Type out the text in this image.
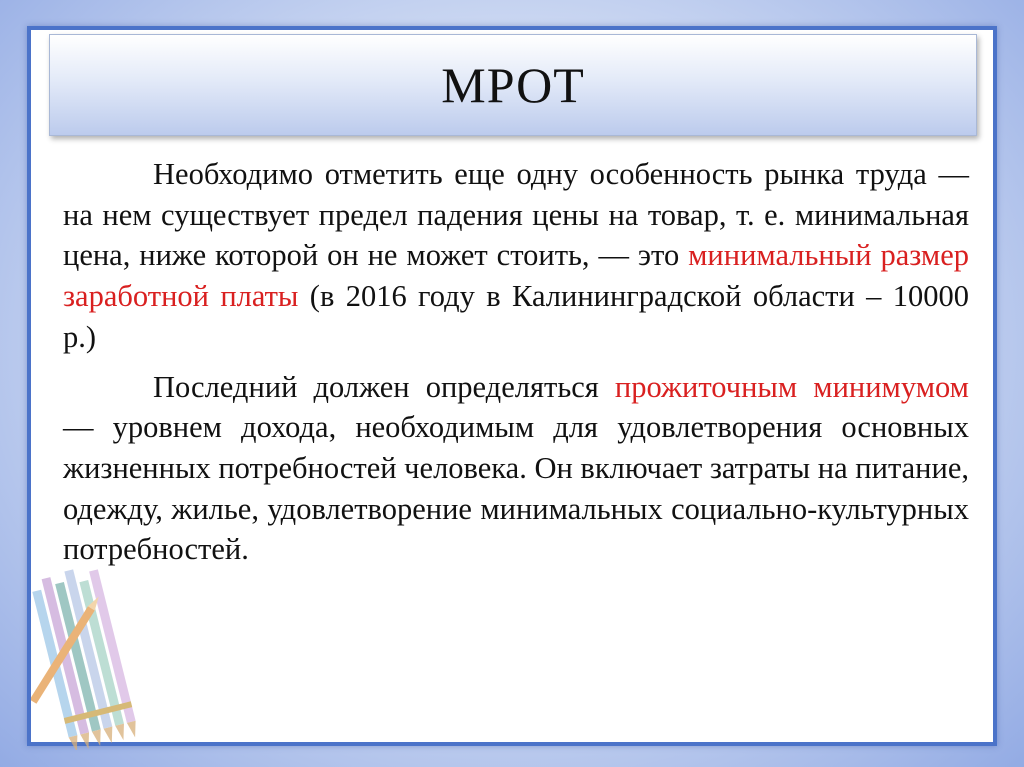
МРОТ

Необходимо отметить еще одну особенность рынка труда — на нем существует предел падения цены на товар, т. е. минимальная цена, ниже которой он не может стоить, — это минимальный размер заработной платы (в 2016 году в Калининградской области – 10000 р.)

Последний должен определяться прожиточным минимумом — уровнем дохода, необходимым для удовлетворения основных жизненных потребностей человека. Он включает затраты на питание, одежду, жилье, удовлетворение минимальных социально-культурных потребностей.
